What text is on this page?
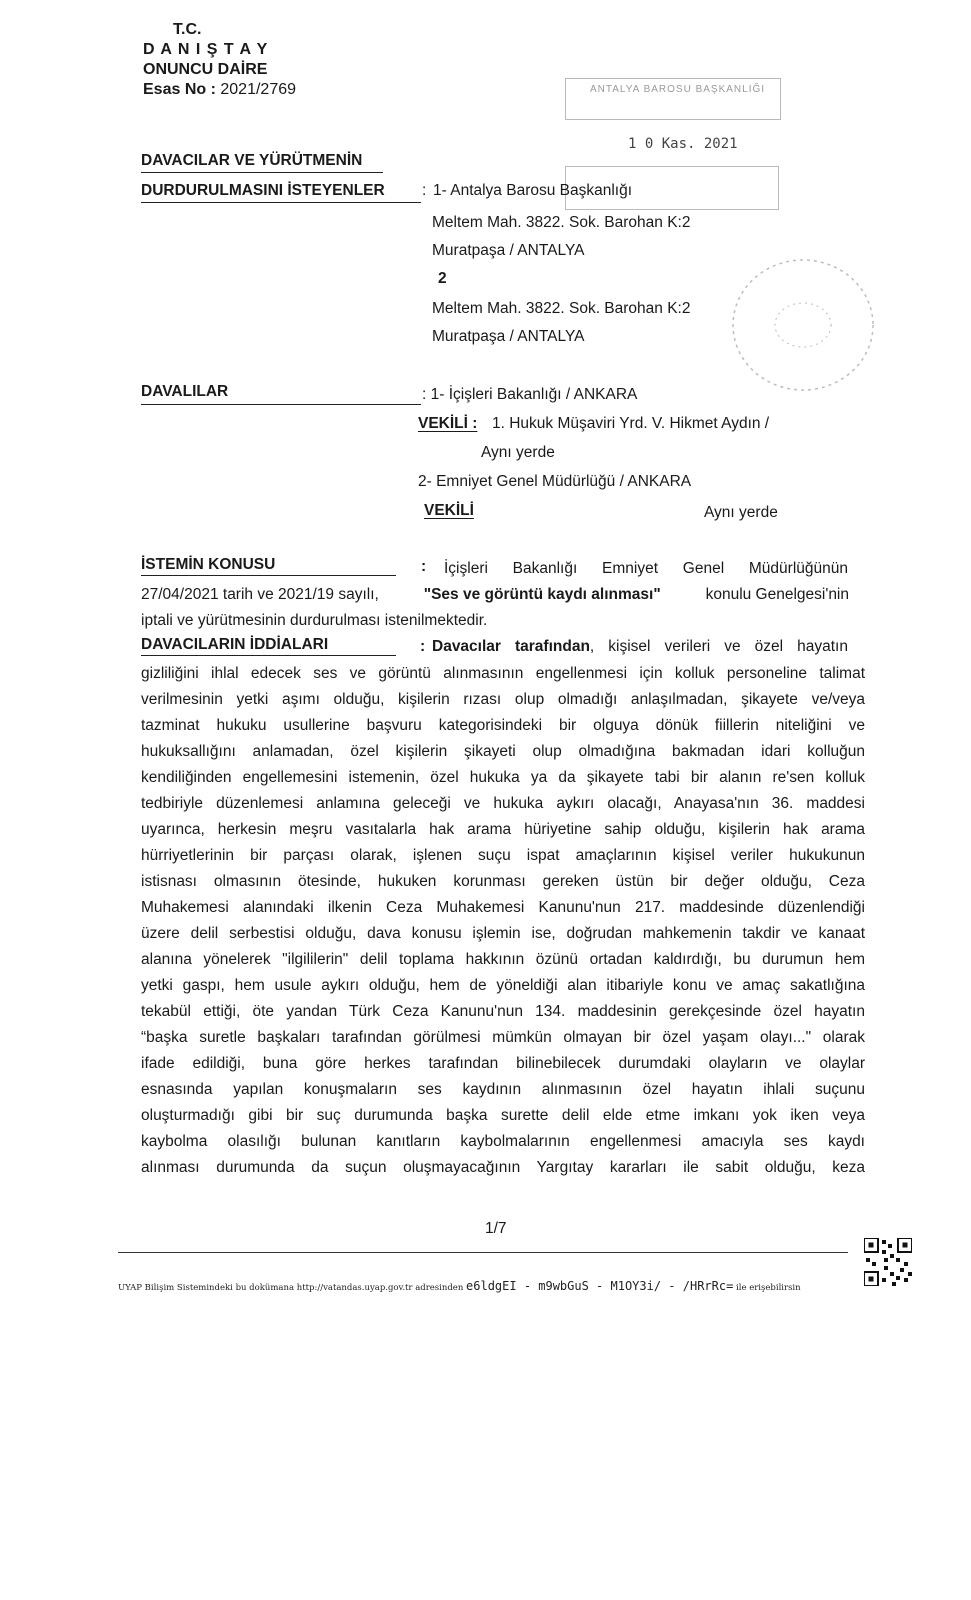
T.C.
D A N I Ş T A Y
ONUNCU DAİRE
Esas No : 2021/2769	ANTALYA BAROSU BAŞKANLIĞI
1 0 Kas. 2021
DAVACILAR VE YÜRÜTMENİN
DURDURULMASINI İSTEYENLER : 1- Antalya Barosu Başkanlığı
Meltem Mah. 3822. Sok. Barohan K:2
Muratpaşa / ANTALYA
2
Meltem Mah. 3822. Sok. Barohan K:2
Muratpaşa / ANTALYA
DAVALILAR	: 1- İçişleri Bakanlığı / ANKARA
VEKİLİ : 1. Hukuk Müşaviri Yrd. V. Hikmet Aydın /
Aynı yerde
2- Emniyet Genel Müdürlüğü / ANKARA
VEKİLİ	Aynı yerde
İSTEMİN KONUSU	: İçişleri Bakanlığı Emniyet Genel Müdürlüğünün
27/04/2021 tarih ve 2021/19 sayılı,	"Ses ve görüntü kaydı alınması"	konulu Genelgesi'nin
iptali ve yürütmesinin durdurulması istenilmektedir.
DAVACILARIN İDDİALARI	: Davacılar tarafından, kişisel verileri ve özel hayatın
gizliliğini ihlal edecek ses ve görüntü alınmasının engellenmesi için kolluk personeline talimat
verilmesinin yetki aşımı olduğu, kişilerin rızası olup olmadığı anlaşılmadan, şikayete ve/veya
tazminat hukuku usullerine başvuru kategorisindeki bir olguya dönük fiillerin niteliğini ve
hukuksallığını anlamadan, özel kişilerin şikayeti olup olmadığına bakmadan idari kolluğun
kendiliğinden engellemesini istemenin, özel hukuka ya da şikayete tabi bir alanın re'sen kolluk
tedbiriyle düzenlemesi anlamına geleceği ve hukuka aykırı olacağı, Anayasa'nın 36. maddesi
uyarınca, herkesin meşru vasıtalarla hak arama hüriyetine sahip olduğu, kişilerin hak arama
hürriyetlerinin bir parçası olarak, işlenen suçu ispat amaçlarının kişisel veriler hukukunun
istisnası olmasının ötesinde, hukuken korunması gereken üstün bir değer olduğu, Ceza
Muhakemesi alanındaki ilkenin Ceza Muhakemesi Kanunu'nun 217. maddesinde düzenlendiği
üzere delil serbestisi olduğu, dava konusu işlemin ise, doğrudan mahkemenin takdir ve kanaat
alanına yönelerek "ilgililerin" delil toplama hakkının özünü ortadan kaldırdığı, bu durumun hem
yetki gaspı, hem usule aykırı olduğu, hem de yöneldiği alan itibariyle konu ve amaç sakatlığına
tekabül ettiği, öte yandan Türk Ceza Kanunu'nun 134. maddesinin gerekçesinde özel hayatın
“başka suretle başkaları tarafından görülmesi mümkün olmayan bir özel yaşam olayı..." olarak
ifade edildiği, buna göre herkes tarafından bilinebilecek durumdaki olayların ve olaylar
esnasında yapılan konuşmaların ses kaydının alınmasının özel hayatın ihlali suçunu
oluşturmadığı gibi bir suç durumunda başka surette delil elde etme imkanı yok iken veya
kaybolma olasılığı bulunan kanıtların kaybolmalarının engellenmesi amacıyla ses kaydı
alınması durumunda da suçun oluşmayacağının Yargıtay kararları ile sabit olduğu, keza
1/7
UYAP Bilişim Sistemindeki bu dokümana http://vatandas.uyap.gov.tr adresinden e6ldgEI - m9wbGuS - M1OY3i/ - /HRrRc= ile erişebilirsin
